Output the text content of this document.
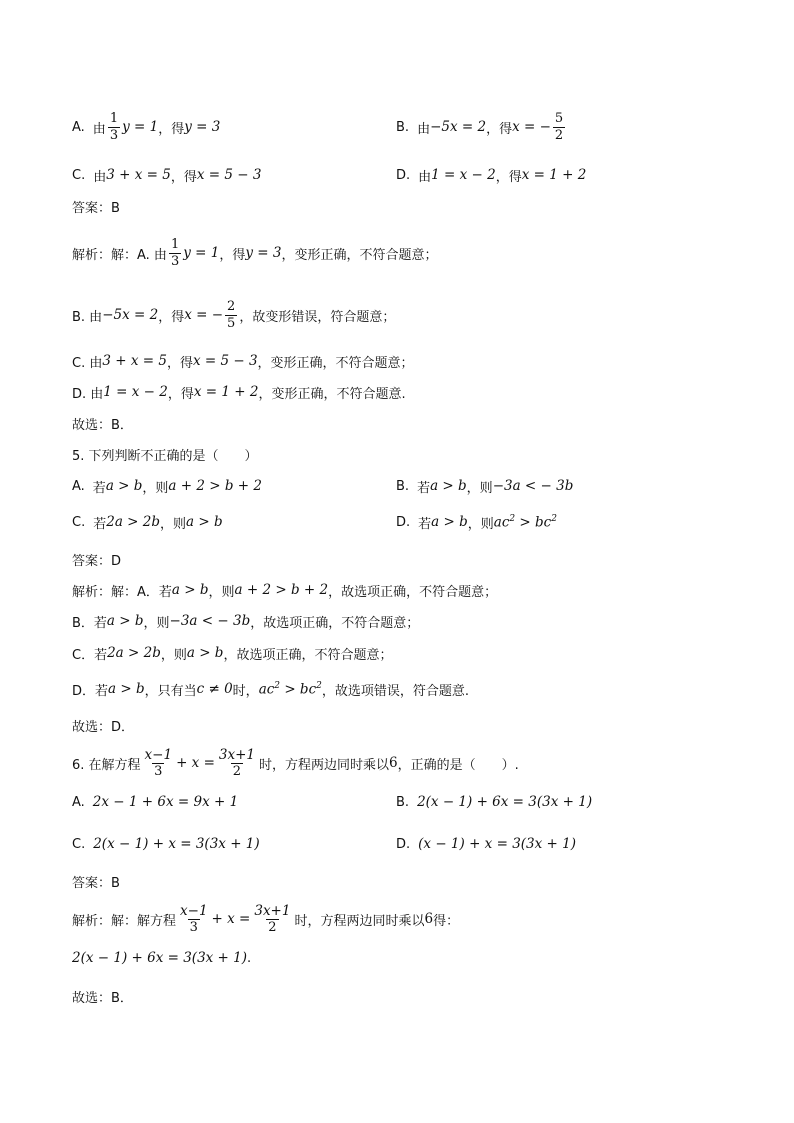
A. 由 $\frac{1}{3}$ y = 1 ，得 y = 3	B. 由 −5x = 2 ，得 x = − $\frac{5}{2}$
C. 由 3 + x = 5 ，得 x = 5 − 3	D. 由 1 = x − 2 ，得 x = 1 + 2
答案：B
解析：解：A. 由 $\frac{1}{3}$ y = 1 ，得 y = 3 ，变形正确，不符合题意；
B. 由 −5x = 2 ，得 x = − $\frac{2}{5}$ ，故变形错误，符合题意；
C. 由 3 + x = 5 ，得 x = 5 − 3 ，变形正确，不符合题意；
D. 由 1 = x − 2 ，得 x = 1 + 2 ，变形正确，不符合题意.
故选：B．
5. 下列判断不正确的是（　　）
A. 若 a > b ，则 a + 2 > b + 2	B. 若 a > b ，则 −3a < − 3b
C. 若 2a > 2b ，则 a > b	D. 若 a > b ，则 $ac^2 > bc^2$
答案：D
解析：解：A．若 a > b ，则 a + 2 > b + 2 ，故选项正确，不符合题意；
B．若 a > b ，则 −3a < − 3b ，故选项正确，不符合题意；
C．若 2a > 2b ，则 a > b ，故选项正确，不符合题意；
D．若 a > b ，只有当 c ≠ 0 时， $ac^2 > bc^2$ ，故选项错误，符合题意.
故选：D．
6. 在解方程 $\frac{x-1}{3} + x = \frac{3x+1}{2}$ 时，方程两边同时乘以 6 ，正确的是（　　）.
A. 2x − 1 + 6x = 9x + 1	B. 2(x − 1) + 6x = 3(3x + 1)
C. 2(x − 1) + x = 3(3x + 1)	D. (x − 1) + x = 3(3x + 1)
答案：B
解析：解：解方程 $\frac{x-1}{3} + x = \frac{3x+1}{2}$ 时，方程两边同时乘以 6 得：
2(x − 1) + 6x = 3(3x + 1) .
故选：B．
